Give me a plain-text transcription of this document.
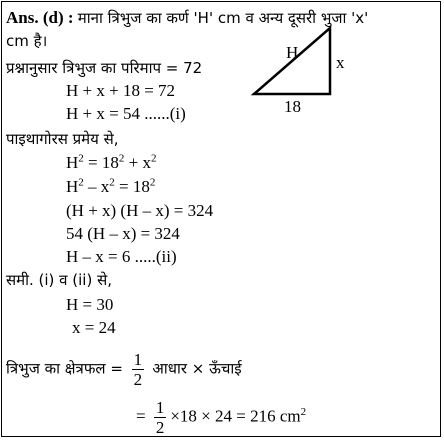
Ans. (d) : माना त्रिभुज का कर्ण 'H' cm व अन्य दूसरी भुजा 'x'
cm है।
H
x
18
प्रश्नानुसार त्रिभुज का परिमाप = 72
H + x + 18 = 72
H + x = 54 ......(i)
पाइथागोरस प्रमेय से,
$H^2 = 18^2 + x^2$
$H^2 - x^2 = 18^2$
(H + x) (H – x) = 324
54 (H – x) = 324
H – x = 6 .....(ii)
समी. (i) व (ii) से,
H = 30
x = 24
त्रिभुज का क्षेत्रफल = $\frac{1}{2}$ आधार × ऊँचाई
= $\frac{1}{2} \times 18 \times 24 = 216$ $cm^2$
